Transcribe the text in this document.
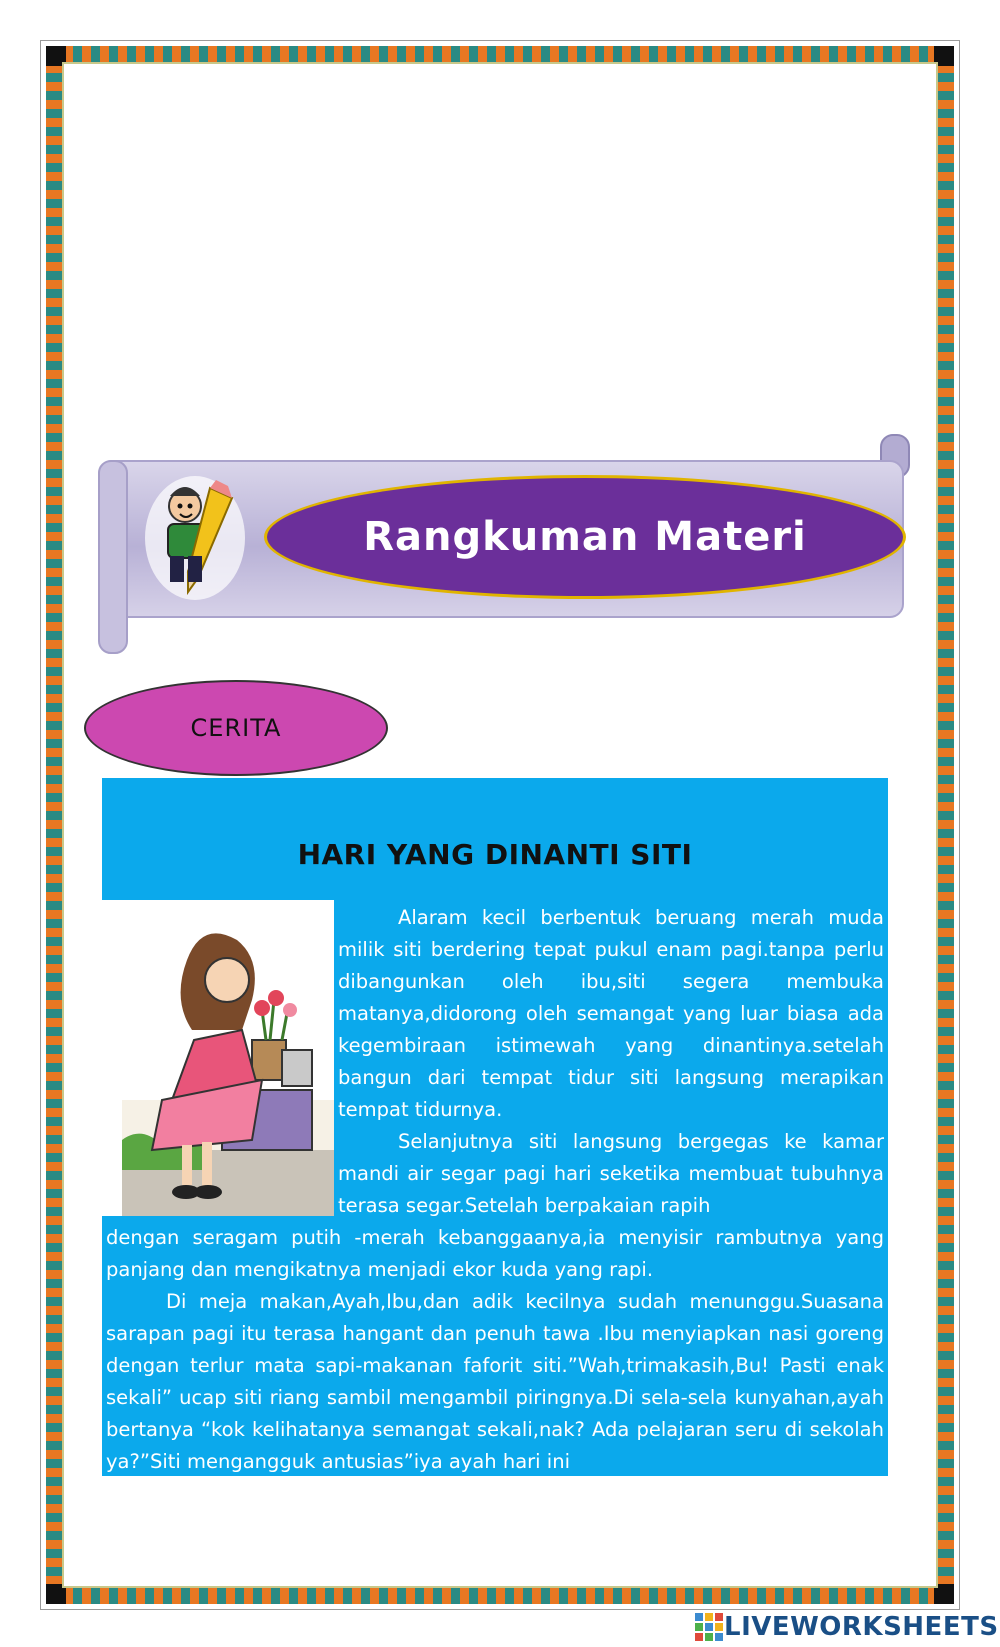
Rangkuman Materi
CERITA
HARI YANG DINANTI SITI
Alaram kecil berbentuk beruang merah muda milik siti berdering tepat pukul enam pagi.tanpa perlu dibangunkan oleh ibu,siti segera membuka matanya,didorong oleh semangat yang luar biasa ada kegembiraan istimewah yang dinantinya.setelah bangun dari tempat tidur siti langsung merapikan tempat tidurnya.
Selanjutnya siti langsung bergegas ke kamar mandi air segar pagi hari seketika membuat tubuhnya terasa segar.Setelah berpakaian rapih
dengan seragam putih -merah kebanggaanya,ia menyisir rambutnya yang panjang dan mengikatnya menjadi ekor kuda yang rapi.
Di meja makan,Ayah,Ibu,dan adik kecilnya sudah menunggu.Suasana sarapan pagi itu terasa hangant dan penuh tawa .Ibu menyiapkan nasi goreng dengan terlur mata sapi-makanan faforit siti.”Wah,trimakasih,Bu! Pasti enak sekali” ucap siti riang sambil mengambil piringnya.Di sela-sela kunyahan,ayah bertanya “kok kelihatanya semangat sekali,nak? Ada pelajaran seru di sekolah ya?”Siti mengangguk antusias”iya ayah hari ini
LIVEWORKSHEETS
